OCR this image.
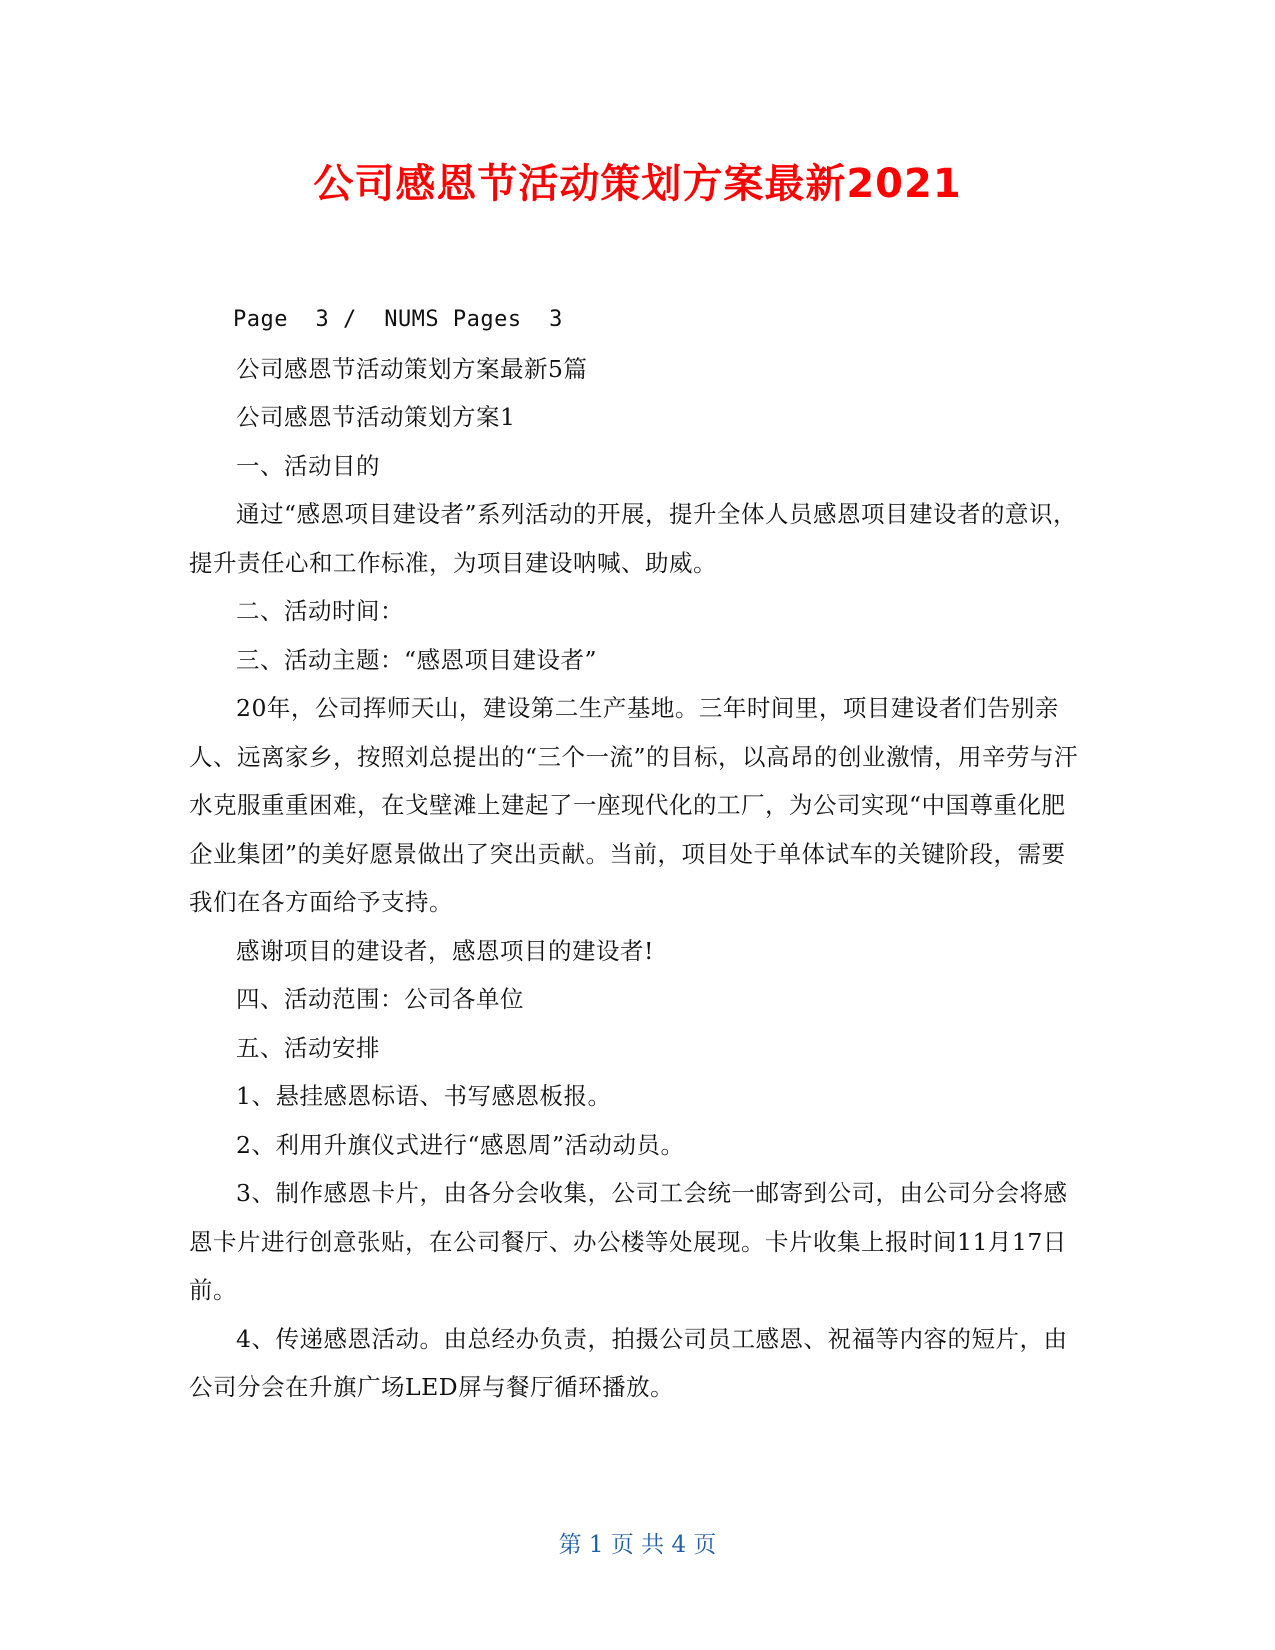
公司感恩节活动策划方案最新2021

Page  3 /  NUMS Pages  3

公司感恩节活动策划方案最新5篇

公司感恩节活动策划方案1

一、活动目的

通过“感恩项目建设者”系列活动的开展，提升全体人员感恩项目建设者的意识，提升责任心和工作标准，为项目建设呐喊、助威。

二、活动时间：

三、活动主题：“感恩项目建设者”

20年，公司挥师天山，建设第二生产基地。三年时间里，项目建设者们告别亲人、远离家乡，按照刘总提出的“三个一流”的目标，以高昂的创业激情，用辛劳与汗水克服重重困难，在戈壁滩上建起了一座现代化的工厂，为公司实现“中国尊重化肥企业集团”的美好愿景做出了突出贡献。当前，项目处于单体试车的关键阶段，需要我们在各方面给予支持。

感谢项目的建设者，感恩项目的建设者!

四、活动范围：公司各单位

五、活动安排

1、悬挂感恩标语、书写感恩板报。

2、利用升旗仪式进行“感恩周”活动动员。

3、制作感恩卡片，由各分会收集，公司工会统一邮寄到公司，由公司分会将感恩卡片进行创意张贴，在公司餐厅、办公楼等处展现。卡片收集上报时间11月17日前。

4、传递感恩活动。由总经办负责，拍摄公司员工感恩、祝福等内容的短片，由公司分会在升旗广场LED屏与餐厅循环播放。

第 1 页 共 4 页
